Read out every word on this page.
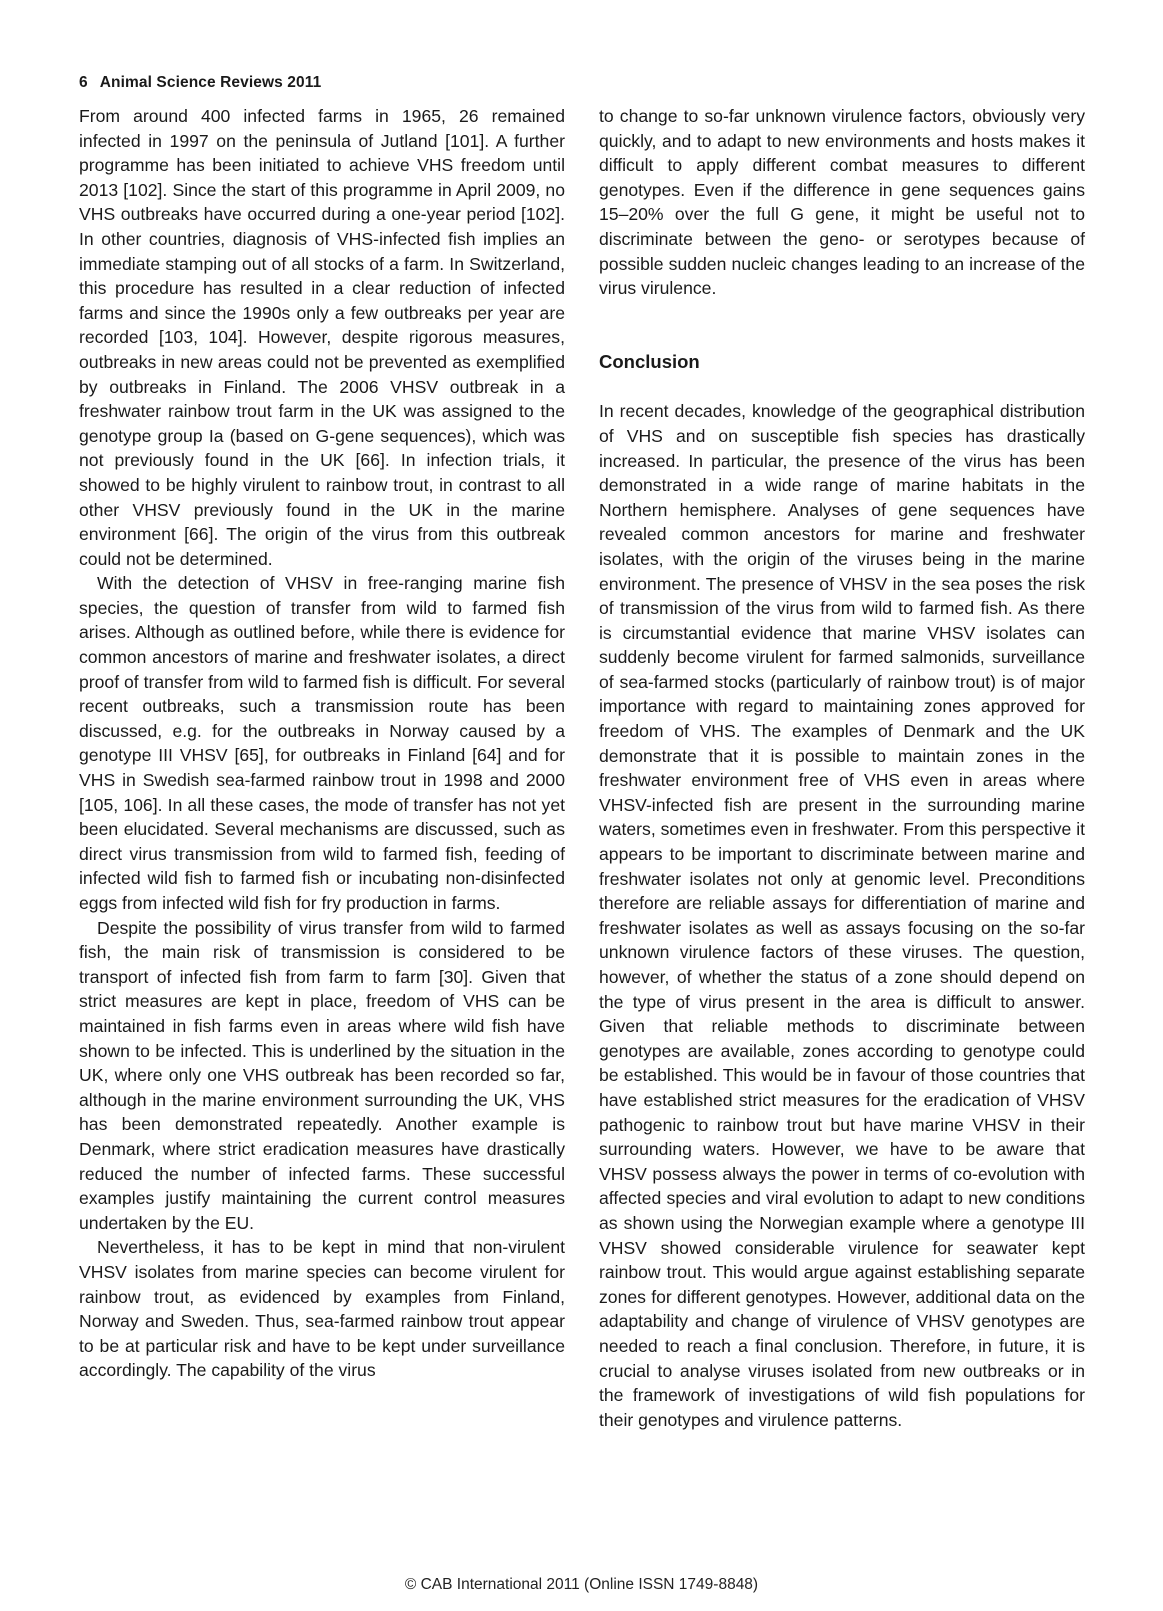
6 Animal Science Reviews 2011

From around 400 infected farms in 1965, 26 remained infected in 1997 on the peninsula of Jutland [101]. A further programme has been initiated to achieve VHS freedom until 2013 [102]. Since the start of this programme in April 2009, no VHS outbreaks have occurred during a one-year period [102]. In other countries, diagnosis of VHS-infected fish implies an immediate stamping out of all stocks of a farm. In Switzerland, this procedure has resulted in a clear reduction of infected farms and since the 1990s only a few outbreaks per year are recorded [103, 104]. However, despite rigorous measures, outbreaks in new areas could not be prevented as exemplified by outbreaks in Finland. The 2006 VHSV outbreak in a freshwater rainbow trout farm in the UK was assigned to the genotype group Ia (based on G-gene sequences), which was not previously found in the UK [66]. In infection trials, it showed to be highly virulent to rainbow trout, in contrast to all other VHSV previously found in the UK in the marine environment [66]. The origin of the virus from this outbreak could not be determined.

With the detection of VHSV in free-ranging marine fish species, the question of transfer from wild to farmed fish arises. Although as outlined before, while there is evidence for common ancestors of marine and freshwater isolates, a direct proof of transfer from wild to farmed fish is difficult. For several recent outbreaks, such a transmission route has been discussed, e.g. for the outbreaks in Norway caused by a genotype III VHSV [65], for outbreaks in Finland [64] and for VHS in Swedish sea-farmed rainbow trout in 1998 and 2000 [105, 106]. In all these cases, the mode of transfer has not yet been elucidated. Several mechanisms are discussed, such as direct virus transmission from wild to farmed fish, feeding of infected wild fish to farmed fish or incubating non-disinfected eggs from infected wild fish for fry production in farms.

Despite the possibility of virus transfer from wild to farmed fish, the main risk of transmission is considered to be transport of infected fish from farm to farm [30]. Given that strict measures are kept in place, freedom of VHS can be maintained in fish farms even in areas where wild fish have shown to be infected. This is underlined by the situation in the UK, where only one VHS outbreak has been recorded so far, although in the marine environment surrounding the UK, VHS has been demonstrated repeatedly. Another example is Denmark, where strict eradication measures have drastically reduced the number of infected farms. These successful examples justify maintaining the current control measures undertaken by the EU.

Nevertheless, it has to be kept in mind that non-virulent VHSV isolates from marine species can become virulent for rainbow trout, as evidenced by examples from Finland, Norway and Sweden. Thus, sea-farmed rainbow trout appear to be at particular risk and have to be kept under surveillance accordingly. The capability of the virus

to change to so-far unknown virulence factors, obviously very quickly, and to adapt to new environments and hosts makes it difficult to apply different combat measures to different genotypes. Even if the difference in gene sequences gains 15–20% over the full G gene, it might be useful not to discriminate between the geno- or serotypes because of possible sudden nucleic changes leading to an increase of the virus virulence.

Conclusion

In recent decades, knowledge of the geographical distribution of VHS and on susceptible fish species has drastically increased. In particular, the presence of the virus has been demonstrated in a wide range of marine habitats in the Northern hemisphere. Analyses of gene sequences have revealed common ancestors for marine and freshwater isolates, with the origin of the viruses being in the marine environment. The presence of VHSV in the sea poses the risk of transmission of the virus from wild to farmed fish. As there is circumstantial evidence that marine VHSV isolates can suddenly become virulent for farmed salmonids, surveillance of sea-farmed stocks (particularly of rainbow trout) is of major importance with regard to maintaining zones approved for freedom of VHS. The examples of Denmark and the UK demonstrate that it is possible to maintain zones in the freshwater environment free of VHS even in areas where VHSV-infected fish are present in the surrounding marine waters, sometimes even in freshwater. From this perspective it appears to be important to discriminate between marine and freshwater isolates not only at genomic level. Preconditions therefore are reliable assays for differentiation of marine and freshwater isolates as well as assays focusing on the so-far unknown virulence factors of these viruses. The question, however, of whether the status of a zone should depend on the type of virus present in the area is difficult to answer. Given that reliable methods to discriminate between genotypes are available, zones according to genotype could be established. This would be in favour of those countries that have established strict measures for the eradication of VHSV pathogenic to rainbow trout but have marine VHSV in their surrounding waters. However, we have to be aware that VHSV possess always the power in terms of co-evolution with affected species and viral evolution to adapt to new conditions as shown using the Norwegian example where a genotype III VHSV showed considerable virulence for seawater kept rainbow trout. This would argue against establishing separate zones for different genotypes. However, additional data on the adaptability and change of virulence of VHSV genotypes are needed to reach a final conclusion. Therefore, in future, it is crucial to analyse viruses isolated from new outbreaks or in the framework of investigations of wild fish populations for their genotypes and virulence patterns.

© CAB International 2011 (Online ISSN 1749-8848)
